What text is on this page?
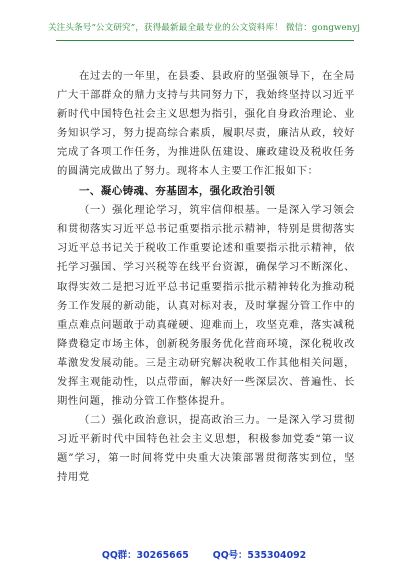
关注头条号“公文研究”，获得最新最全最专业的公文资料库！ 微信：gongwenyj

在过去的一年里，在县委、县政府的坚强领导下，在全局广大干部群众的鼎力支持与共同努力下，我始终坚持以习近平新时代中国特色社会主义思想为指引，强化自身政治理论、业务知识学习，努力提高综合素质，履职尽责，廉洁从政，较好完成了各项工作任务，为推进队伍建设、廉政建设及税收任务的圆满完成做出了努力。现将本人主要工作汇报如下：

一、凝心铸魂、夯基固本，强化政治引领

（一）强化理论学习，筑牢信仰根基。一是深入学习领会和贯彻落实习近平总书记重要指示批示精神，特别是贯彻落实习近平总书记关于税收工作重要论述和重要指示批示精神，依托学习强国、学习兴税等在线平台资源，确保学习不断深化、取得实效二是把习近平总书记重要指示批示精神转化为推动税务工作发展的新动能，认真对标对表，及时掌握分管工作中的重点难点问题敢于动真碰硬、迎难而上，攻坚克难，落实减税降费稳定市场主体，创新税务服务优化营商环境，深化税收改革激发发展动能。三是主动研究解决税收工作其他相关问题，发挥主观能动性，以点带面，解决好一些深层次、普遍性、长期性问题，推动分管工作整体提升。

（二）强化政治意识，提高政治三力。一是深入学习贯彻习近平新时代中国特色社会主义思想，积极参加党委“第一议题”学习，第一时间将党中央重大决策部署贯彻落实到位，坚持用党

QQ群：30265665	QQ号：535304092
